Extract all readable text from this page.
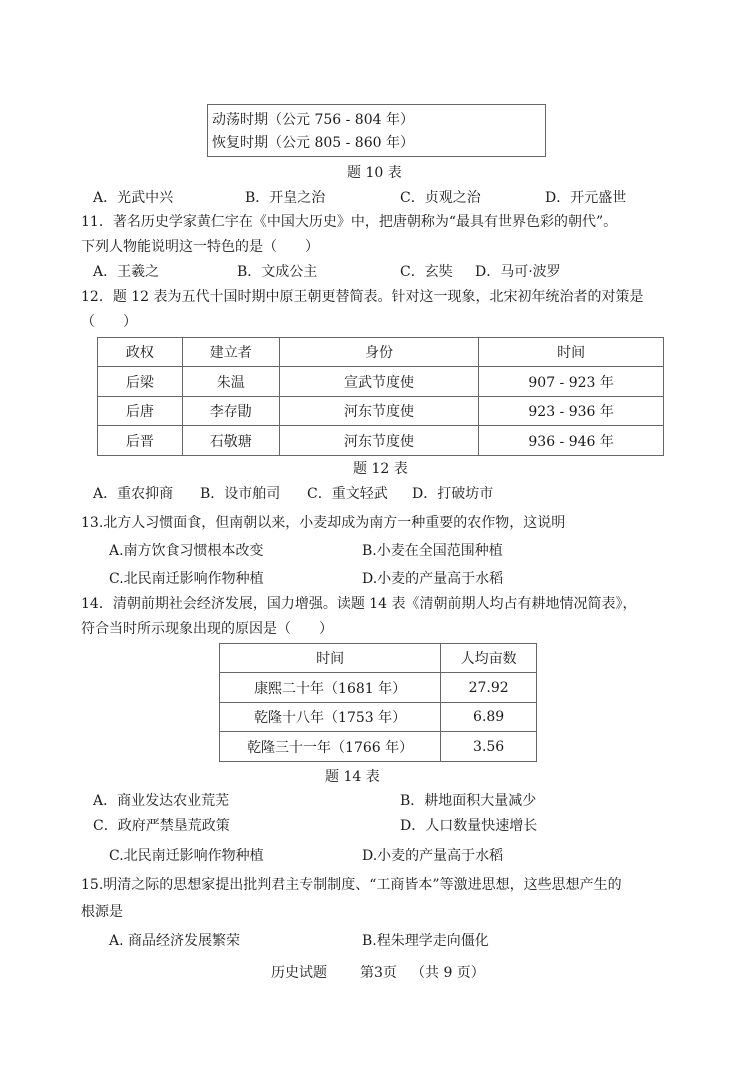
动荡时期（公元 756 - 804 年）
恢复时期（公元 805 - 860 年）
题 10 表
A．光武中兴	B．开皇之治	C．贞观之治	D．开元盛世
11．著名历史学家黄仁宇在《中国大历史》中，把唐朝称为“最具有世界色彩的朝代”。
下列人物能说明这一特色的是（　　）
A．王羲之	B．文成公主	C．玄奘 D．马可·波罗
12．题 12 表为五代十国时期中原王朝更替简表。针对这一现象，北宋初年统治者的对策是
（　　）
政权	建立者	身份	时间
后梁	朱温	宣武节度使	907 - 923 年
后唐	李存勖	河东节度使	923 - 936 年
后晋	石敬瑭	河东节度使	936 - 946 年
题 12 表
A．重农抑商 B．设市舶司 C．重文轻武 D．打破坊市
13.北方人习惯面食，但南朝以来，小麦却成为南方一种重要的农作物，这说明
A.南方饮食习惯根本改变	B.小麦在全国范围种植
C.北民南迁影响作物种植	D.小麦的产量高于水稻
14．清朝前期社会经济发展，国力增强。读题 14 表《清朝前期人均占有耕地情况简表》，
符合当时所示现象出现的原因是（　　）
时间	人均亩数
康熙二十年（1681 年）	27.92
乾隆十八年（1753 年）	6.89
乾隆三十一年（1766 年）	3.56
题 14 表
A．商业发达农业荒芜	B．耕地面积大量减少
C．政府严禁垦荒政策	D．人口数量快速增长
C.北民南迁影响作物种植	D.小麦的产量高于水稻
15.明清之际的思想家提出批判君主专制制度、“工商皆本”等激进思想，这些思想产生的
根源是
A. 商品经济发展繁荣	B.程朱理学走向僵化
历史试题 第3页 （共 9 页）
